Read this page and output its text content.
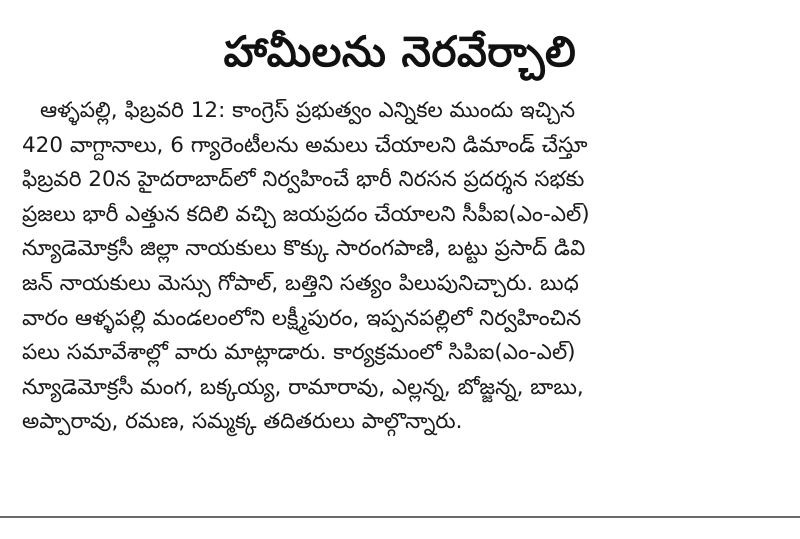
హామీలను నెరవేర్చాలి
ఆళ్ళపల్లి, ఫిబ్రవరి 12: కాంగ్రెస్ ప్రభుత్వం ఎన్నికల ముందు ఇచ్చిన
420 వాగ్దానాలు, 6 గ్యారెంటీలను అమలు చేయాలని డిమాండ్ చేస్తూ
ఫిబ్రవరి 20న హైదరాబాద్‌లో నిర్వహించే భారీ నిరసన ప్రదర్శన సభకు
ప్రజలు భారీ ఎత్తున కదిలి వచ్చి జయప్రదం చేయాలని సీపీఐ(ఎం-ఎల్)
న్యూడెమోక్రసీ జిల్లా నాయకులు కొక్కు సారంగపాణి, బట్టు ప్రసాద్ డివి
జన్ నాయకులు మెస్సు గోపాల్, బత్తిని సత్యం పిలుపునిచ్చారు. బుధ
వారం ఆళ్ళపల్లి మండలంలోని లక్ష్మీపురం, ఇప్పనపల్లిలో నిర్వహించిన
పలు సమావేశాల్లో వారు మాట్లాడారు. కార్యక్రమంలో సిపిఐ(ఎం-ఎల్)
న్యూడెమోక్రసీ మంగ, బక్కయ్య, రామారావు, ఎల్లన్న, బోజ్జన్న, బాబు,
అప్పారావు, రమణ, సమ్మక్క తదితరులు పాల్గొన్నారు.
